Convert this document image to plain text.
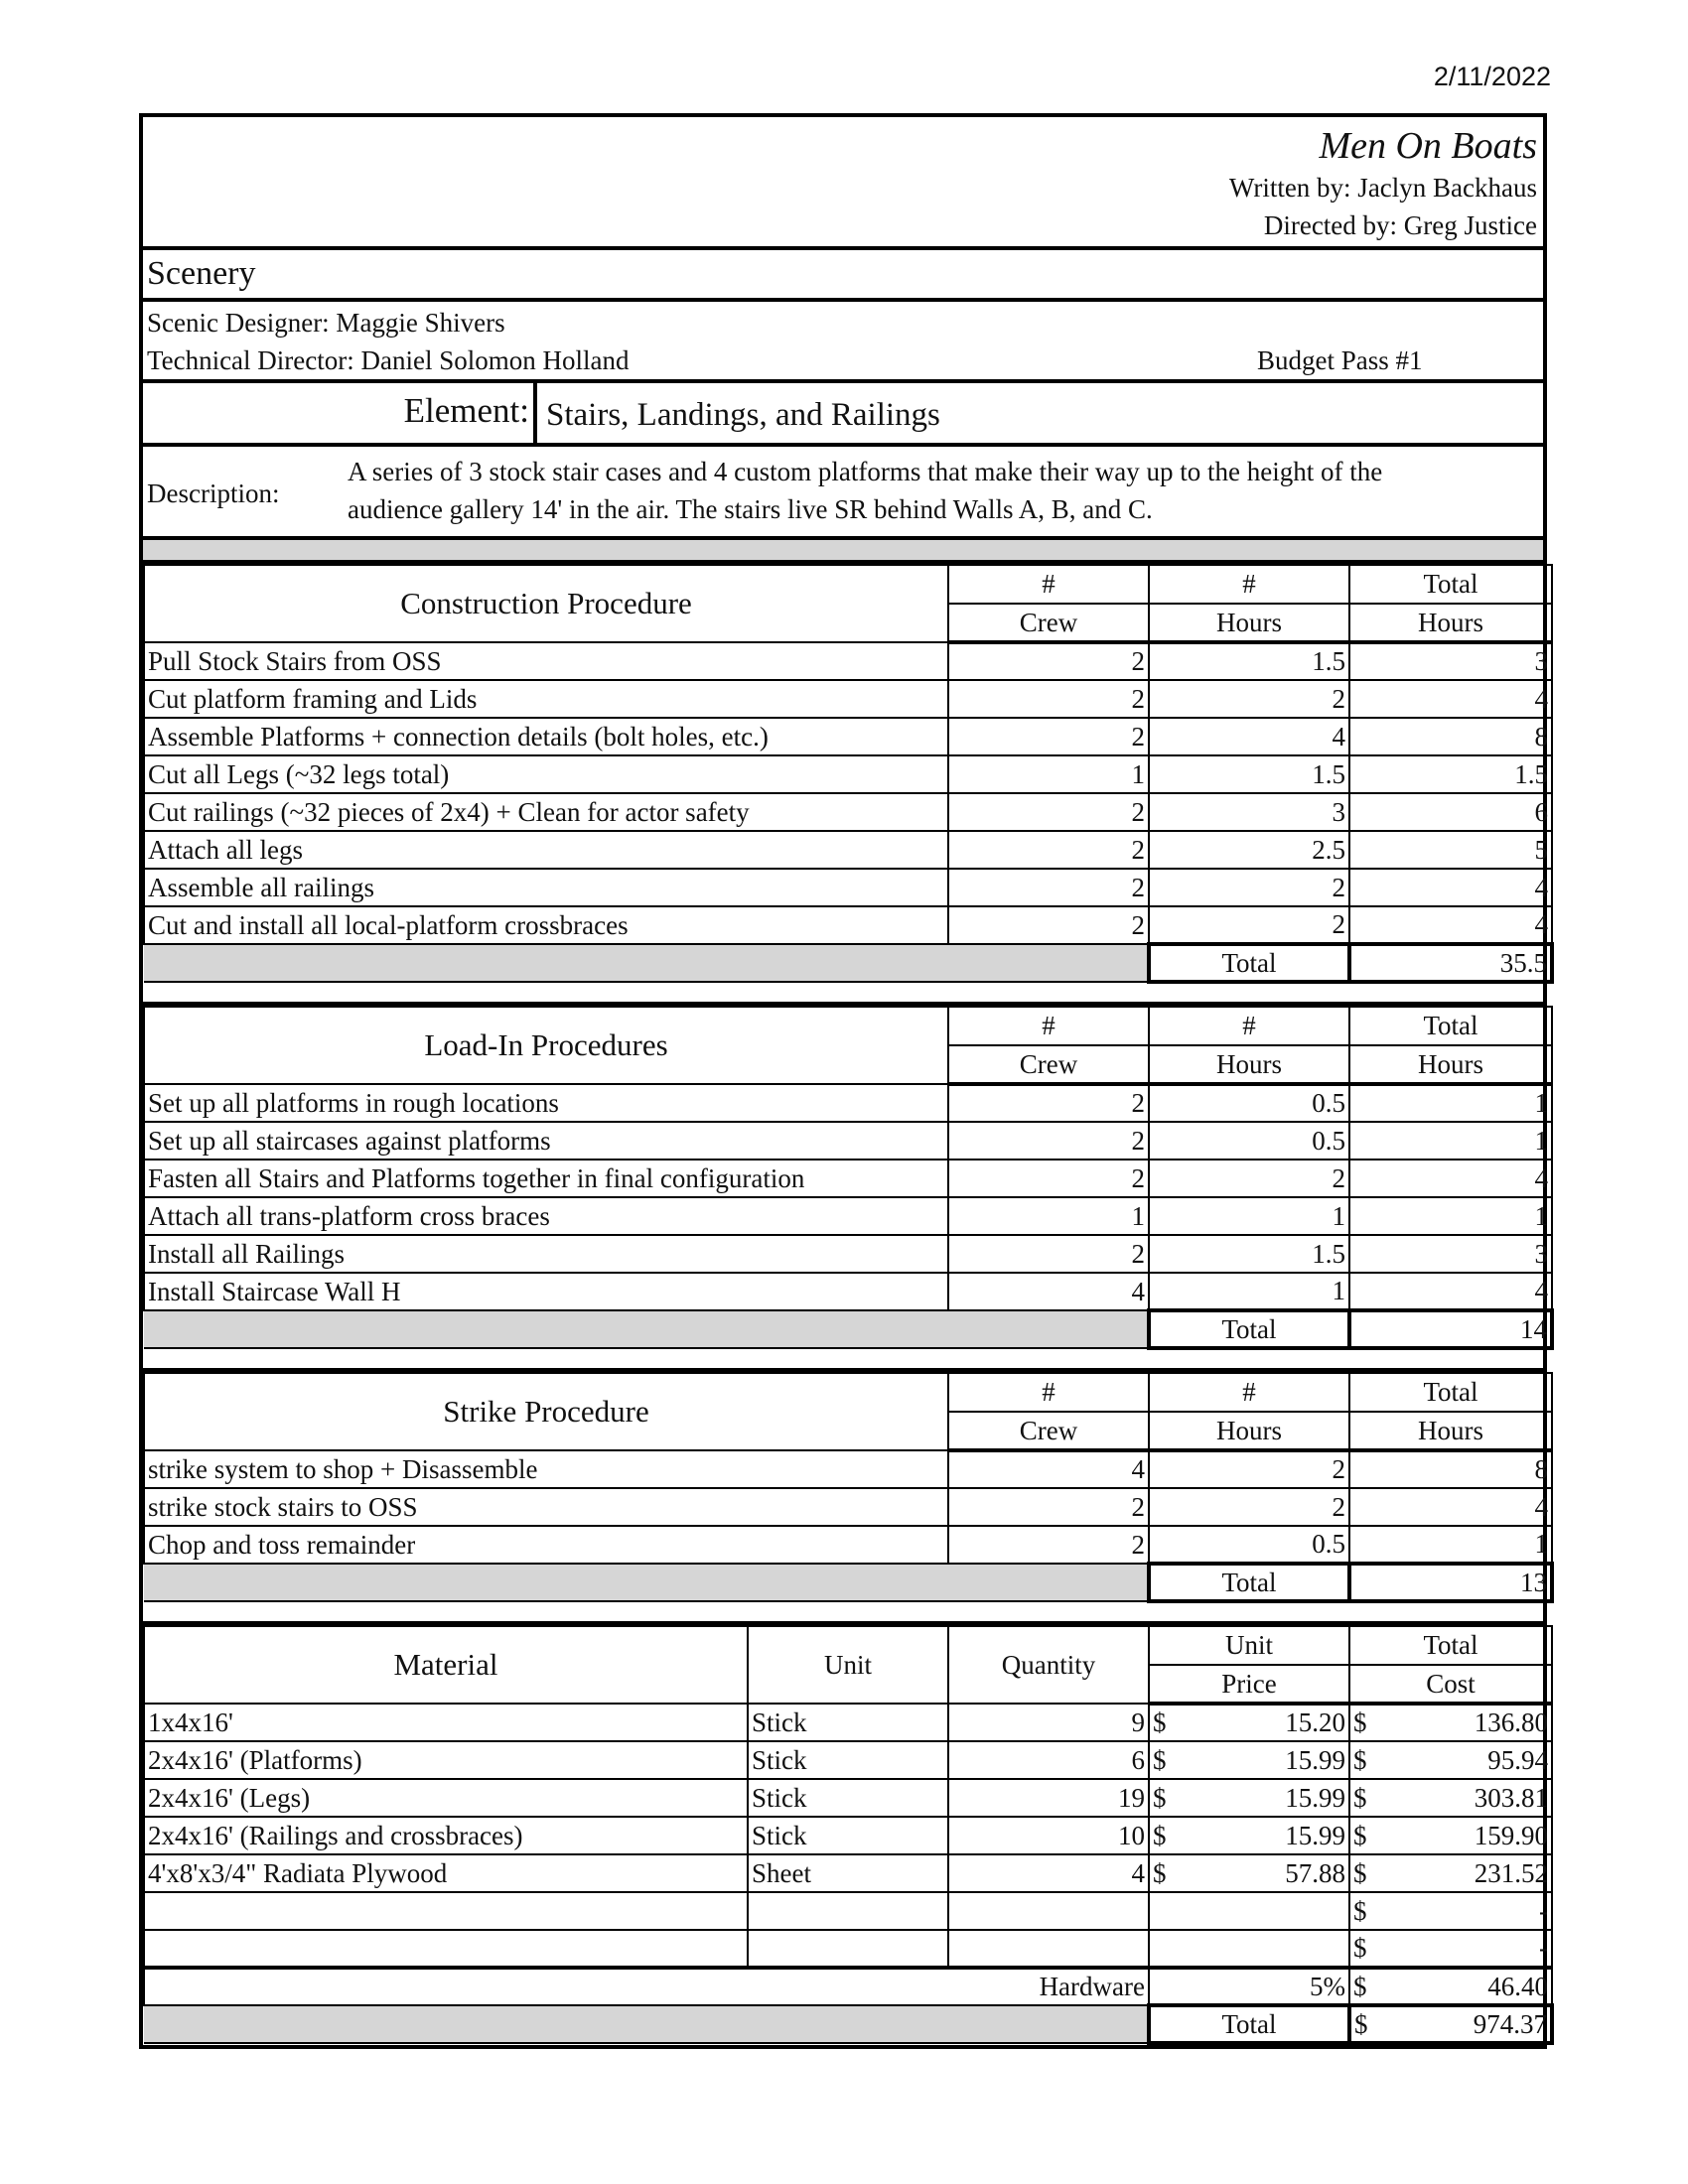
2/11/2022
Men On Boats
Written by: Jaclyn Backhaus
Directed by: Greg Justice
Scenery
Scenic Designer: Maggie Shivers
Technical Director: Daniel Solomon Holland	Budget Pass #1
Element: Stairs, Landings, and Railings
Description:
A series of 3 stock stair cases and 4 custom platforms that make their way up to the height of the
audience gallery 14' in the air. The stairs live SR behind Walls A, B, and C.
Construction Procedure	#	#	Total
	Crew	Hours	Hours
Pull Stock Stairs from OSS	2	1.5	3
Cut platform framing and Lids	2	2	4
Assemble Platforms + connection details (bolt holes, etc.)	2	4	8
Cut all Legs (~32 legs total)	1	1.5	1.5
Cut railings (~32 pieces of 2x4) + Clean for actor safety	2	3	6
Attach all legs	2	2.5	5
Assemble all railings	2	2	4
Cut and install all local-platform crossbraces	2	2	4
		Total	35.5
Load-In Procedures	#	#	Total
	Crew	Hours	Hours
Set up all platforms in rough locations	2	0.5	1
Set up all staircases against platforms	2	0.5	1
Fasten all Stairs and Platforms together in final configuration	2	2	4
Attach all trans-platform cross braces	1	1	1
Install all Railings	2	1.5	3
Install Staircase Wall H	4	1	4
		Total	14
Strike Procedure	#	#	Total
	Crew	Hours	Hours
strike system to shop + Disassemble	4	2	8
strike stock stairs to OSS	2	2	4
Chop and toss remainder	2	0.5	1
		Total	13
Material	Unit	Quantity	Unit	Total
			Price	Cost
1x4x16'	Stick	9	$ 15.20	$ 136.80

2x4x16' (Platforms)	Stick	6	$ 15.99	$ 95.94

2x4x16' (Legs)	Stick	19	$ 15.99	$ 303.81

2x4x16' (Railings and crossbraces)	Stick	10	$ 15.99	$ 159.90

4'x8'x3/4" Radiata Plywood	Sheet	4	$ 57.88	$ 231.52

				$ -

				$ -

Hardware			5%	$ 46.40

			Total	$ 974.37
